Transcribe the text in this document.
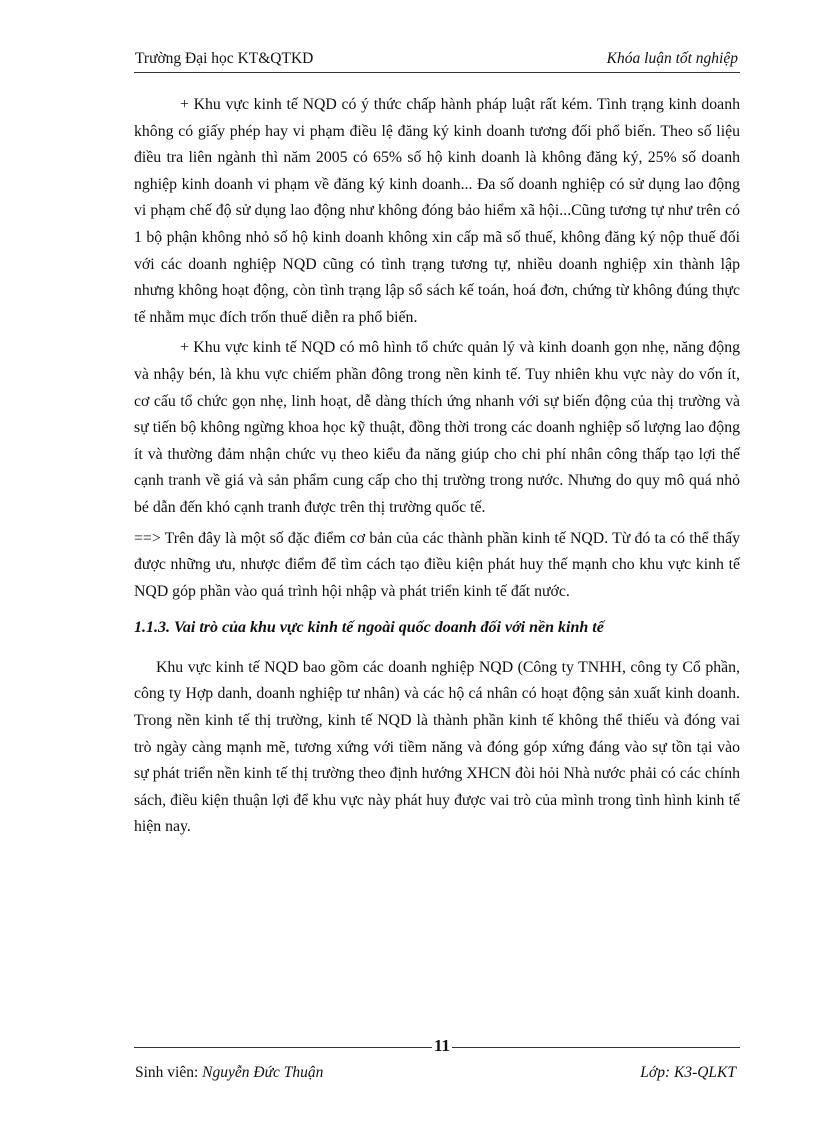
Trường Đại học KT&QTKD	Khóa luận tốt nghiệp

+ Khu vực kinh tế NQD có ý thức chấp hành pháp luật rất kém. Tình trạng kinh doanh không có giấy phép hay vi phạm điều lệ đăng ký kinh doanh tương đối phổ biến. Theo số liệu điều tra liên ngành thì năm 2005 có 65% số hộ kinh doanh là không đăng ký, 25% số doanh nghiệp kinh doanh vi phạm về đăng ký kinh doanh... Đa số doanh nghiệp có sử dụng lao động vi phạm chế độ sử dụng lao động như không đóng bảo hiểm xã hội...Cũng tương tự như trên có 1 bộ phận không nhỏ số hộ kinh doanh không xin cấp mã số thuế, không đăng ký nộp thuế đối với các doanh nghiệp NQD cũng có tình trạng tương tự, nhiều doanh nghiệp xin thành lập nhưng không hoạt động, còn tình trạng lập sổ sách kế toán, hoá đơn, chứng từ không đúng thực tế nhằm mục đích trốn thuế diễn ra phổ biến.

+ Khu vực kinh tế NQD có mô hình tổ chức quản lý và kinh doanh gọn nhẹ, năng động và nhậy bén, là khu vực chiếm phần đông trong nền kinh tế. Tuy nhiên khu vực này do vốn ít, cơ cấu tổ chức gọn nhẹ, linh hoạt, dễ dàng thích ứng nhanh với sự biến động của thị trường và sự tiến bộ không ngừng khoa học kỹ thuật, đồng thời trong các doanh nghiệp số lượng lao động ít và thường đảm nhận chức vụ theo kiểu đa năng giúp cho chi phí nhân công thấp tạo lợi thế cạnh tranh về giá và sản phẩm cung cấp cho thị trường trong nước. Nhưng do quy mô quá nhỏ bé dẫn đến khó cạnh tranh được trên thị trường quốc tế.

==> Trên đây là một số đặc điểm cơ bản của các thành phần kinh tế NQD. Từ đó ta có thể thấy được những ưu, nhược điểm để tìm cách tạo điều kiện phát huy thế mạnh cho khu vực kinh tế NQD góp phần vào quá trình hội nhập và phát triển kinh tế đất nước.

1.1.3. Vai trò của khu vực kinh tế ngoài quốc doanh đối với nền kinh tế

Khu vực kinh tế NQD bao gồm các doanh nghiệp NQD (Công ty TNHH, công ty Cổ phần, công ty Hợp danh, doanh nghiệp tư nhân) và các hộ cá nhân có hoạt động sản xuất kinh doanh. Trong nền kinh tế thị trường, kinh tế NQD là thành phần kinh tế không thể thiếu và đóng vai trò ngày càng mạnh mẽ, tương xứng với tiềm năng và đóng góp xứng đáng vào sự tồn tại vào sự phát triển nền kinh tế thị trường theo định hướng XHCN đòi hỏi Nhà nước phải có các chính sách, điều kiện thuận lợi để khu vực này phát huy được vai trò của mình trong tình hình kinh tế hiện nay.

Sinh viên: Nguyễn Đức Thuận
11
Lớp: K3-QLKT
